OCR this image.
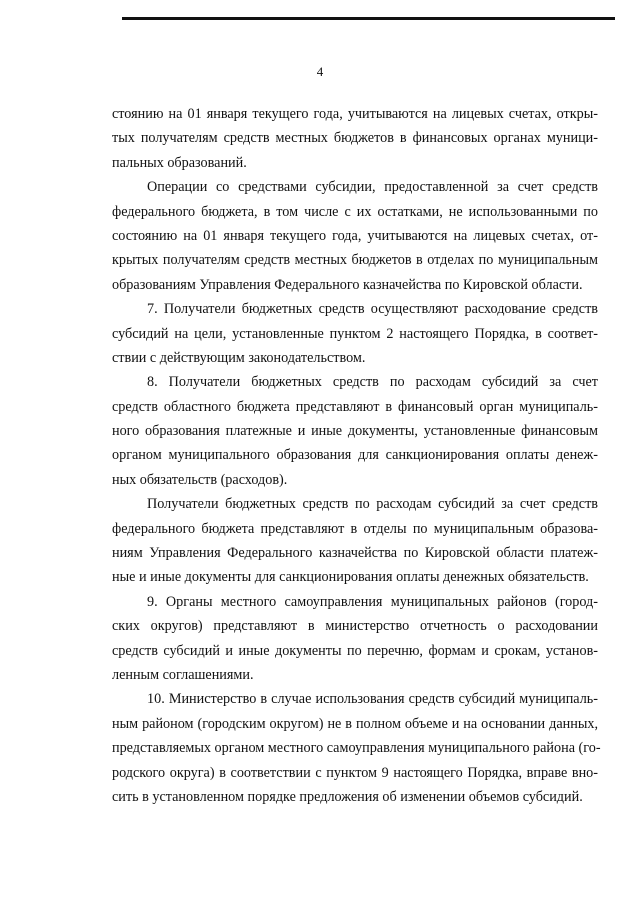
4
стоянию на 01 января текущего года, учитываются на лицевых счетах, откры-
тых получателям средств местных бюджетов в финансовых органах муници-
пальных образований.
Операции со средствами субсидии, предоставленной за счет средств
федерального бюджета, в том числе с их остатками, не использованными по
состоянию на 01 января текущего года, учитываются на лицевых счетах, от-
крытых получателям средств местных бюджетов в отделах по муниципальным
образованиям Управления Федерального казначейства по Кировской области.
7. Получатели бюджетных средств осуществляют расходование средств
субсидий на цели, установленные пунктом 2 настоящего Порядка, в соответ-
ствии с действующим законодательством.
8. Получатели бюджетных средств по расходам субсидий за счет
средств областного бюджета представляют в финансовый орган муниципаль-
ного образования платежные и иные документы, установленные финансовым
органом муниципального образования для санкционирования оплаты денеж-
ных обязательств (расходов).
Получатели бюджетных средств по расходам субсидий за счет средств
федерального бюджета представляют в отделы по муниципальным образова-
ниям Управления Федерального казначейства по Кировской области платеж-
ные и иные документы для санкционирования оплаты денежных обязательств.
9. Органы местного самоуправления муниципальных районов (город-
ских округов) представляют в министерство отчетность о расходовании
средств субсидий и иные документы по перечню, формам и срокам, установ-
ленным соглашениями.
10. Министерство в случае использования средств субсидий муниципаль-
ным районом (городским округом) не в полном объеме и на основании данных,
представляемых органом местного самоуправления муниципального района (го-
родского округа) в соответствии с пунктом 9 настоящего Порядка, вправе вно-
сить в установленном порядке предложения об изменении объемов субсидий.
